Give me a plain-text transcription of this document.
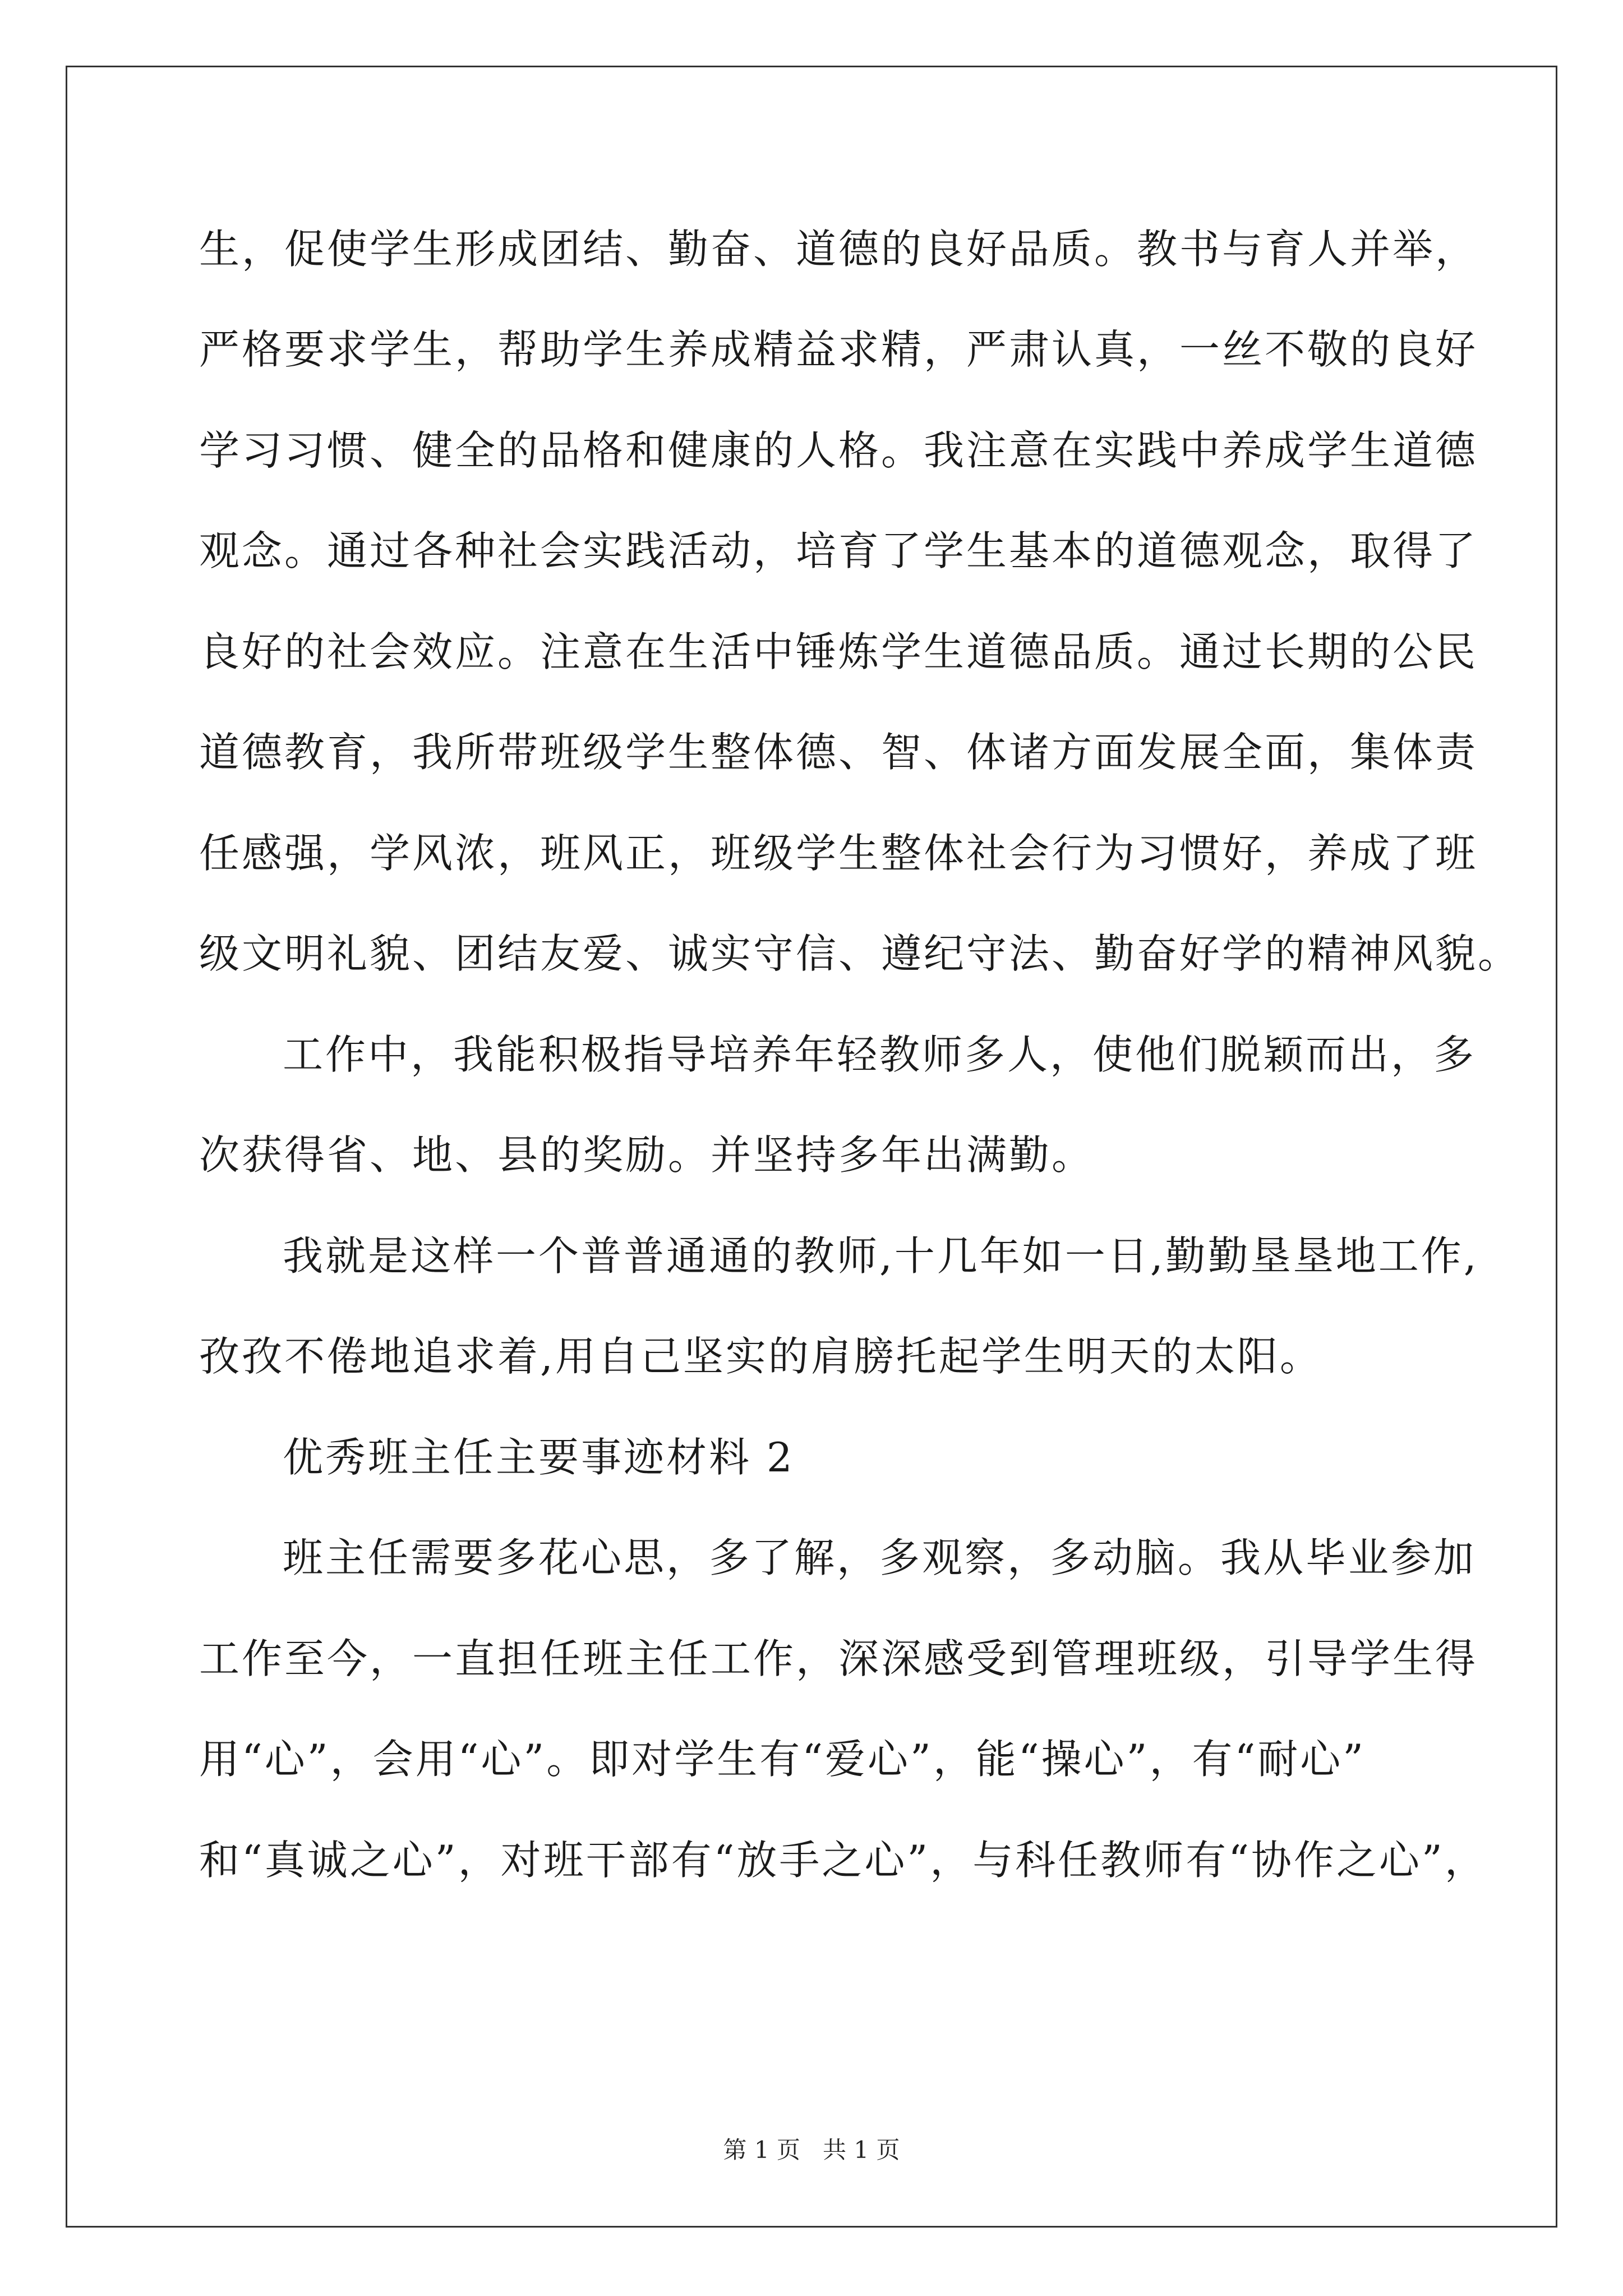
生，促使学生形成团结、勤奋、道德的良好品质。教书与育人并举，
严格要求学生，帮助学生养成精益求精，严肃认真，一丝不敬的良好
学习习惯、健全的品格和健康的人格。我注意在实践中养成学生道德
观念。通过各种社会实践活动，培育了学生基本的道德观念，取得了
良好的社会效应。注意在生活中锤炼学生道德品质。通过长期的公民
道德教育，我所带班级学生整体德、智、体诸方面发展全面，集体责
任感强，学风浓，班风正，班级学生整体社会行为习惯好，养成了班
级文明礼貌、团结友爱、诚实守信、遵纪守法、勤奋好学的精神风貌。
工作中，我能积极指导培养年轻教师多人，使他们脱颖而出，多
次获得省、地、县的奖励。并坚持多年出满勤。
我就是这样一个普普通通的教师,十几年如一日,勤勤垦垦地工作,
孜孜不倦地追求着,用自己坚实的肩膀托起学生明天的太阳。
优秀班主任主要事迹材料 2
班主任需要多花心思，多了解，多观察，多动脑。我从毕业参加
工作至今，一直担任班主任工作，深深感受到管理班级，引导学生得
用“心”，会用“心”。即对学生有“爱心”，能“操心”，有“耐心”
和“真诚之心”，对班干部有“放手之心”，与科任教师有“协作之心”，
第 1 页   共 1 页
